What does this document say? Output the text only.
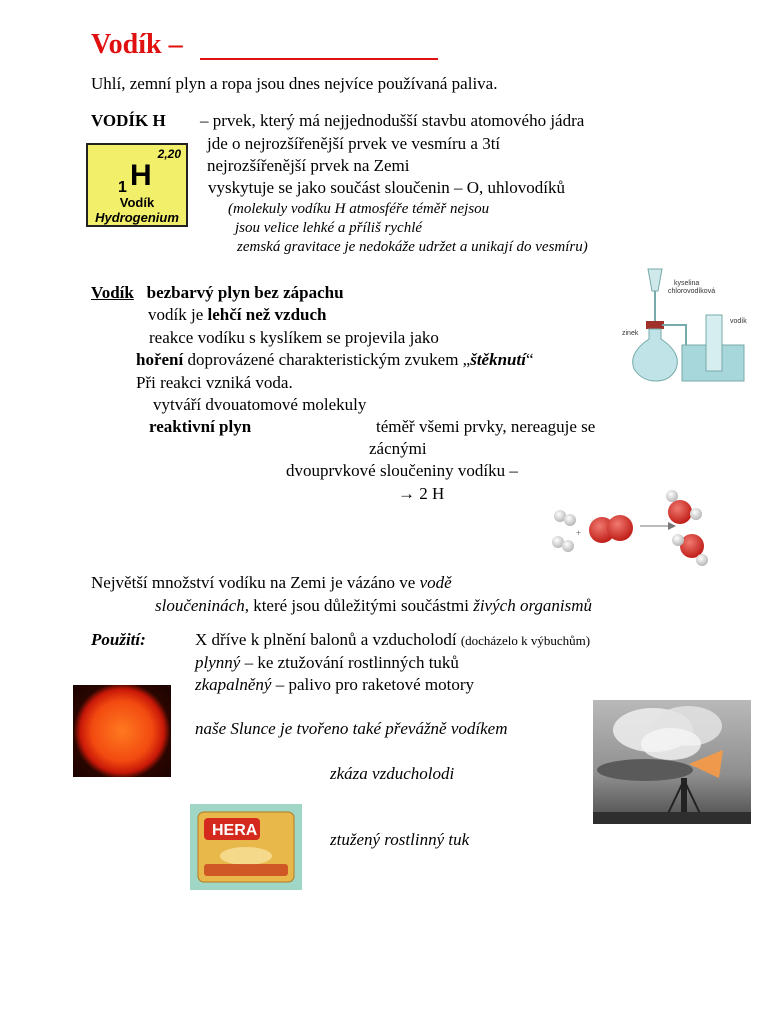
Vodík –
Uhlí, zemní plyn a ropa jsou dnes nejvíce používaná paliva.
VODÍK H – prvek, který má nejjednodušší stavbu atomového jádra
jde o nejrozšířenější prvek ve vesmíru a 3tí
nejrozšířenější prvek na Zemi
vyskytuje se jako součást sloučenin – O, uhlovodíků
(molekuly vodíku H atmosféře téměř nejsou
jsou velice lehké a příliš rychlé
zemská gravitace je nedokáže udržet a unikají do vesmíru)
2,20
1 H
Vodík
Hydrogenium
Vodík bezbarvý plyn bez zápachu
vodík je lehčí než vzduch
reakce vodíku s kyslíkem se projevila jako
hoření doprovázené charakteristickým zvukem „štěknutí“
Při reakci vzniká voda.
vytváří dvouatomové molekuly
reaktivní plyn	téměř všemi prvky, nereaguje se
zácnými
dvouprvkové sloučeniny vodíku –
→ 2 H
kyselina
chlorovodíková
zinek
vodík
+
Největší množství vodíku na Zemi je vázáno ve vodě
sloučeninách, které jsou důležitými součástmi živých organismů
Použití:	X dříve k plnění balonů a vzducholodí (docházelo k výbuchům)
plynný – ke ztužování rostlinných tuků
zkapalněný – palivo pro raketové motory
naše Slunce je tvořeno také převážně vodíkem
zkáza vzducholodi
HERA	ztužený rostlinný tuk
